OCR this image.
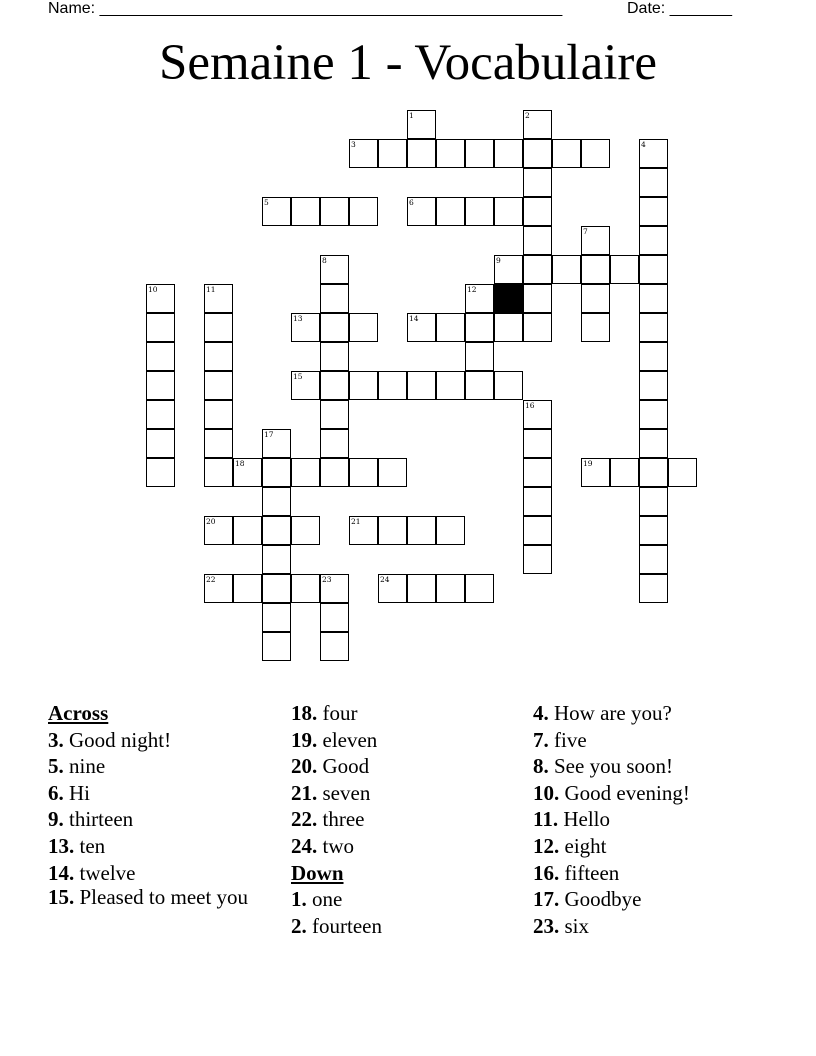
Name: ____________________________________________________	Date: _______
Semaine 1 - Vocabulaire
1	2
3	4
5	6
7
8	9
10	11	12
13	14
15
16
17
18	19
20	21
22	23	24
Across
3. Good night!
5. nine
6. Hi
9. thirteen
13. ten
14. twelve
15. Pleased to meet you
18. four
19. eleven
20. Good
21. seven
22. three
24. two
Down
1. one
2. fourteen
4. How are you?
7. five
8. See you soon!
10. Good evening!
11. Hello
12. eight
16. fifteen
17. Goodbye
23. six
